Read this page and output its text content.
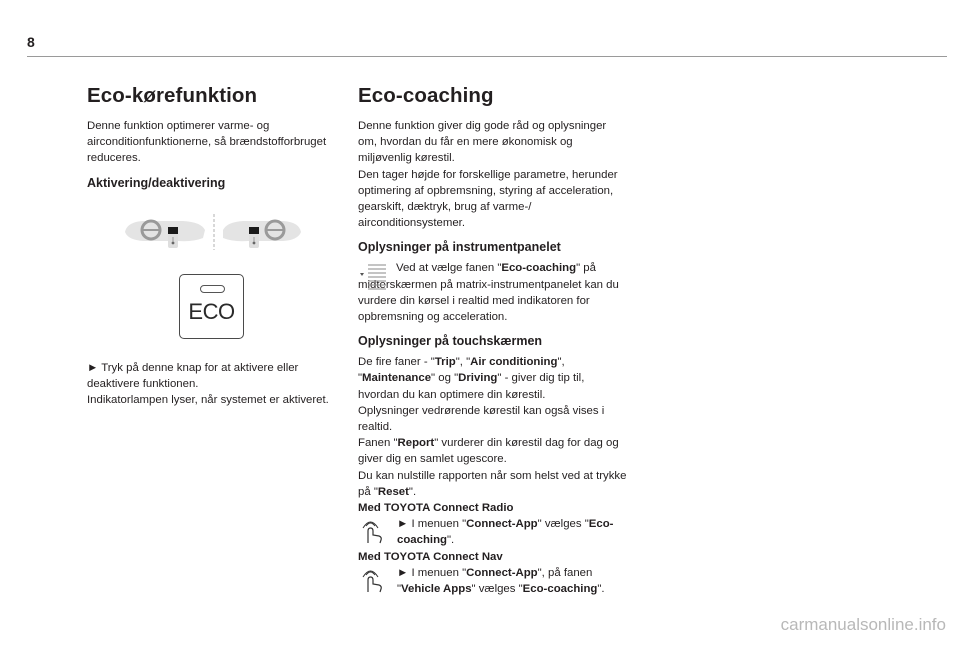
8
Eco-kørefunktion

Denne funktion optimerer varme- og airconditionfunktionerne, så brændstofforbruget reduceres.

Aktivering/deaktivering
ECO

► Tryk på denne knap for at aktivere eller deaktivere funktionen.

Indikatorlampen lyser, når systemet er aktiveret.

Eco-coaching

Denne funktion giver dig gode råd og oplysninger om, hvordan du får en mere økonomisk og miljøvenlig kørestil.

Den tager højde for forskellige parametre, herunder optimering af opbremsning, styring af acceleration, gearskift, dæktryk, brug af varme-/ airconditionsystemer.

Oplysninger på instrumentpanelet

Ved at vælge fanen "Eco-coaching" på midterskærmen på matrix-instrumentpanelet kan du vurdere din kørsel i realtid med indikatoren for opbremsning og acceleration.

Oplysninger på touchskærmen

De fire faner - "Trip", "Air conditioning", "Maintenance" og "Driving" - giver dig tip til, hvordan du kan optimere din kørestil.

Oplysninger vedrørende kørestil kan også vises i realtid.

Fanen "Report" vurderer din kørestil dag for dag og giver dig en samlet ugescore.

Du kan nulstille rapporten når som helst ved at trykke på "Reset".

Med TOYOTA Connect Radio

► I menuen "Connect-App" vælges "Eco-coaching".

Med TOYOTA Connect Nav

► I menuen "Connect-App", på fanen "Vehicle Apps" vælges "Eco-coaching".

carmanualsonline.info
